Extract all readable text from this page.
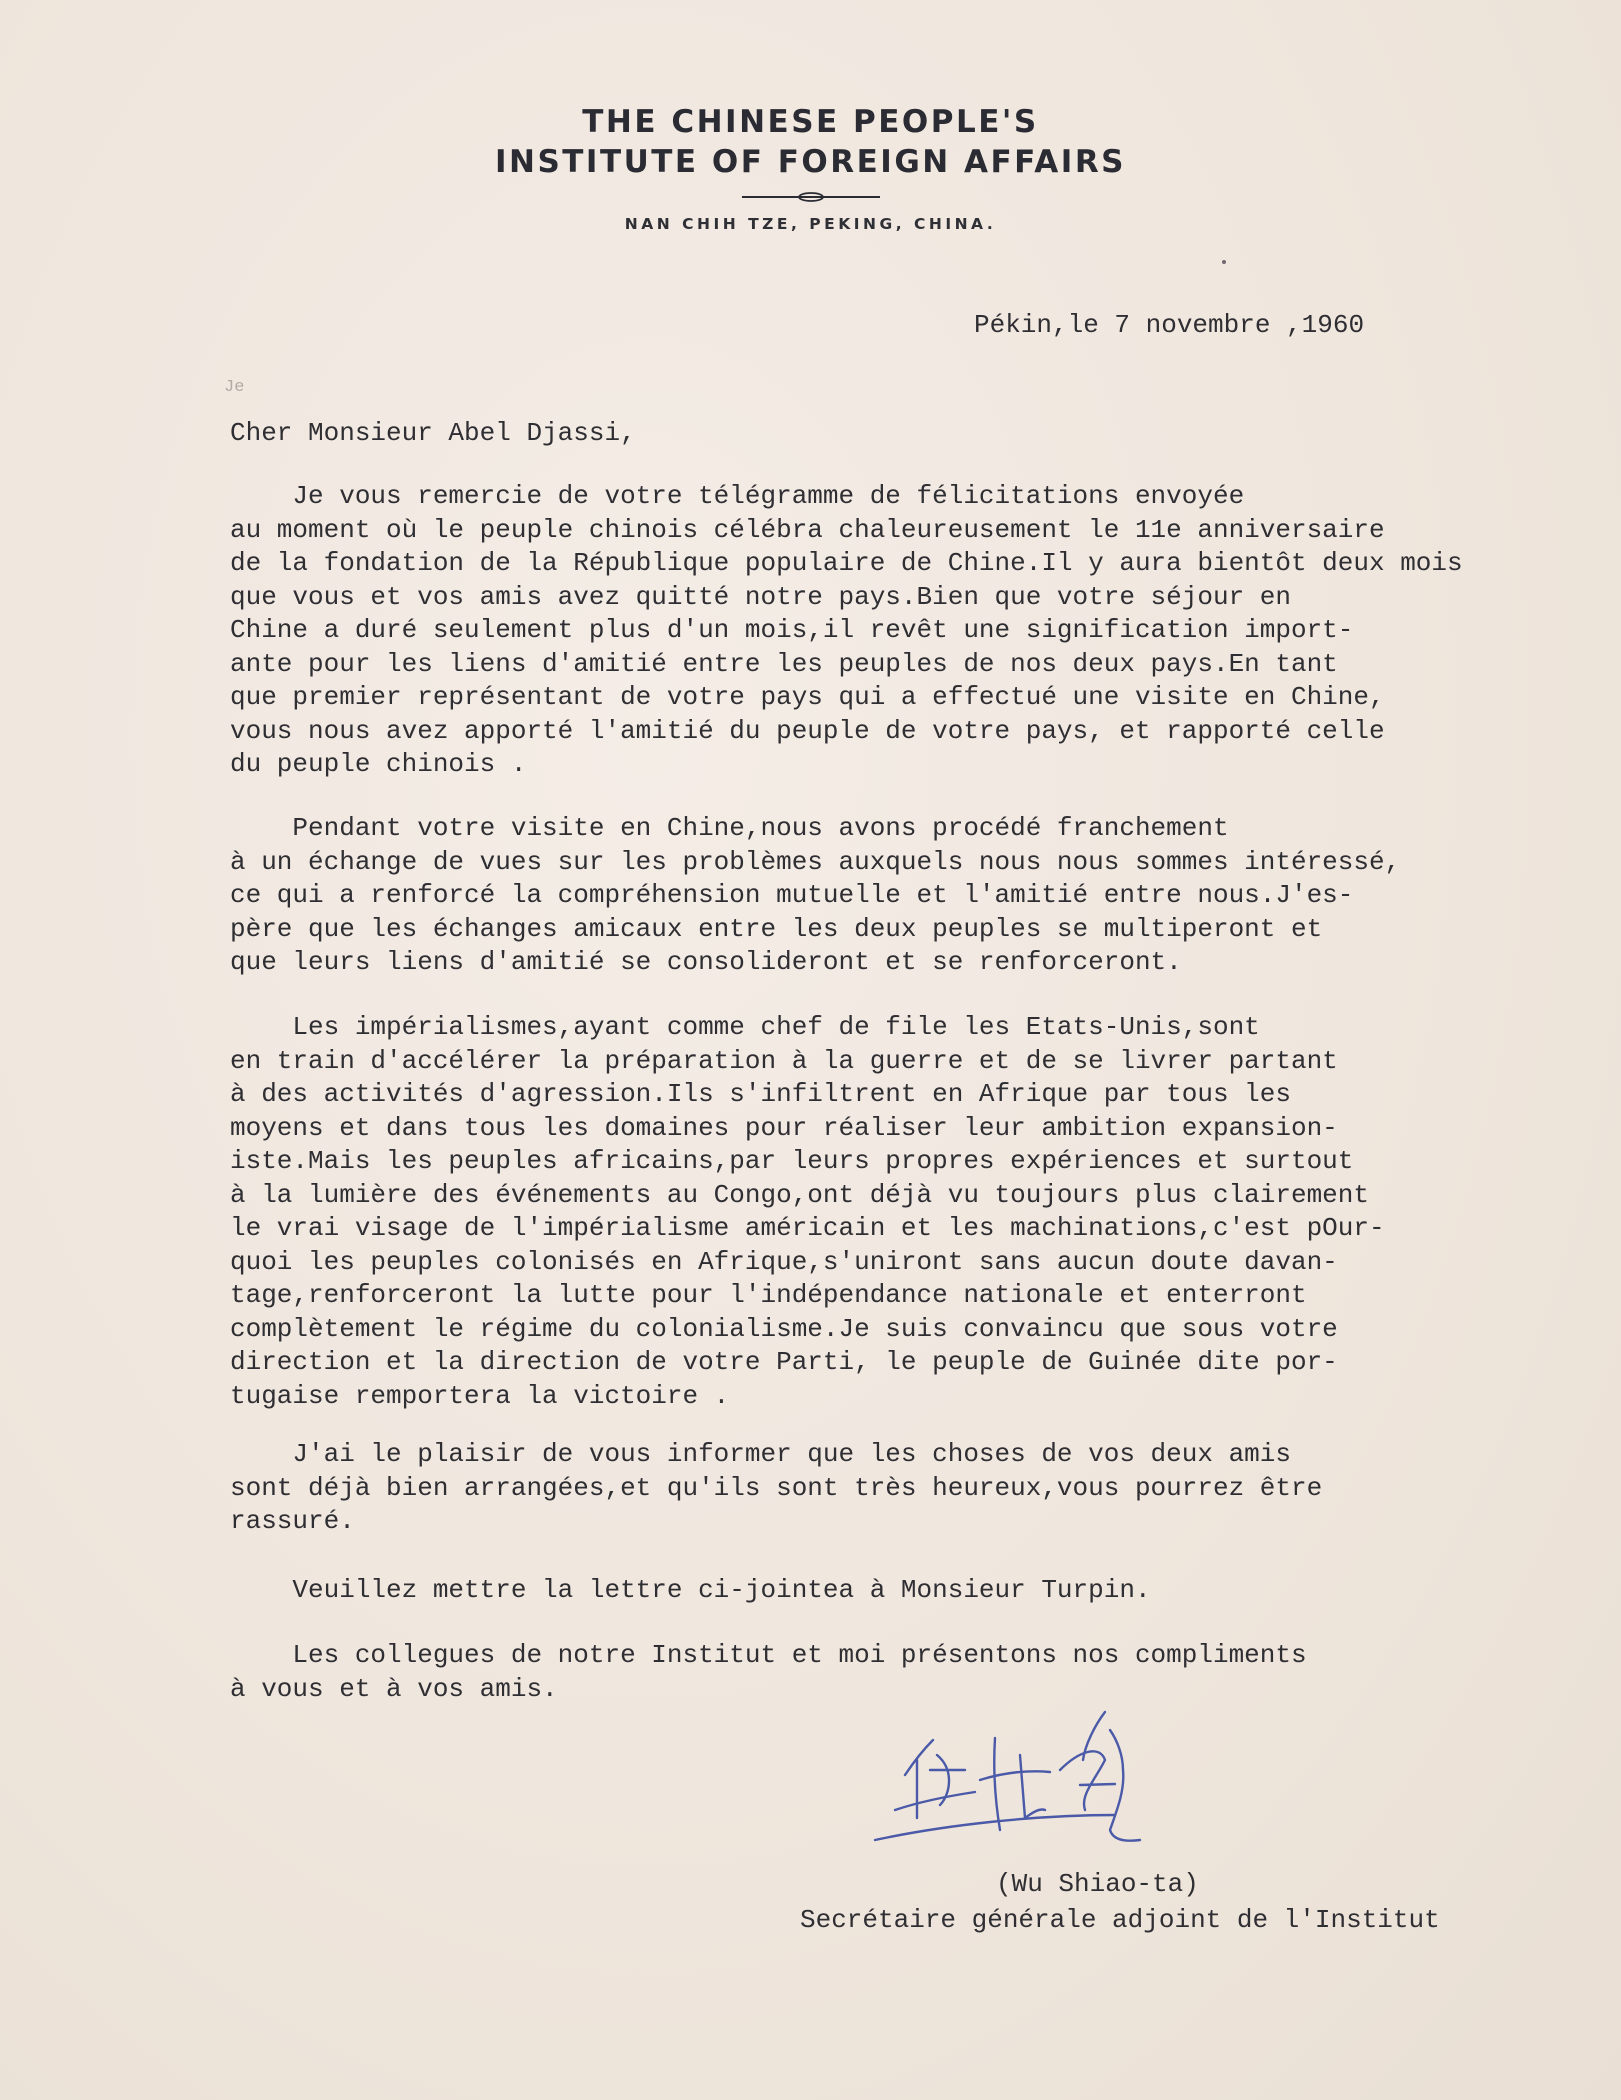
THE CHINESE PEOPLE'S
INSTITUTE OF FOREIGN AFFAIRS
NAN CHIH TZE, PEKING, CHINA.
Je
Pékin,le 7 novembre ,1960
Cher Monsieur Abel Djassi,
Je vous remercie de votre télégramme de félicitations envoyée
au moment où le peuple chinois célébra chaleureusement le 11e anniversaire
de la fondation de la République populaire de Chine.Il y aura bientôt deux mois
que vous et vos amis avez quitté notre pays.Bien que votre séjour en
Chine a duré seulement plus d'un mois,il revêt une signification import-
ante pour les liens d'amitié entre les peuples de nos deux pays.En tant
que premier représentant de votre pays qui a effectué une visite en Chine,
vous nous avez apporté l'amitié du peuple de votre pays, et rapporté celle
du peuple chinois .
Pendant votre visite en Chine,nous avons procédé franchement
à un échange de vues sur les problèmes auxquels nous nous sommes intéressé,
ce qui a renforcé la compréhension mutuelle et l'amitié entre nous.J'es-
père que les échanges amicaux entre les deux peuples se multiperont et
que leurs liens d'amitié se consolideront et se renforceront.
Les impérialismes,ayant comme chef de file les Etats-Unis,sont
en train d'accélérer la préparation à la guerre et de se livrer partant
à des activités d'agression.Ils s'infiltrent en Afrique par tous les
moyens et dans tous les domaines pour réaliser leur ambition expansion-
iste.Mais les peuples africains,par leurs propres expériences et surtout
à la lumière des événements au Congo,ont déjà vu toujours plus clairement
le vrai visage de l'impérialisme américain et les machinations,c'est pOur-
quoi les peuples colonisés en Afrique,s'uniront sans aucun doute davan-
tage,renforceront la lutte pour l'indépendance nationale et enterront
complètement le régime du colonialisme.Je suis convaincu que sous votre
direction et la direction de votre Parti, le peuple de Guinée dite por-
tugaise remportera la victoire .
J'ai le plaisir de vous informer que les choses de vos deux amis
sont déjà bien arrangées,et qu'ils sont très heureux,vous pourrez être
rassuré.
Veuillez mettre la lettre ci-jointea à Monsieur Turpin.
Les collegues de notre Institut et moi présentons nos compliments
à vous et à vos amis.
(Wu Shiao-ta)
Secrétaire générale adjoint de l'Institut
